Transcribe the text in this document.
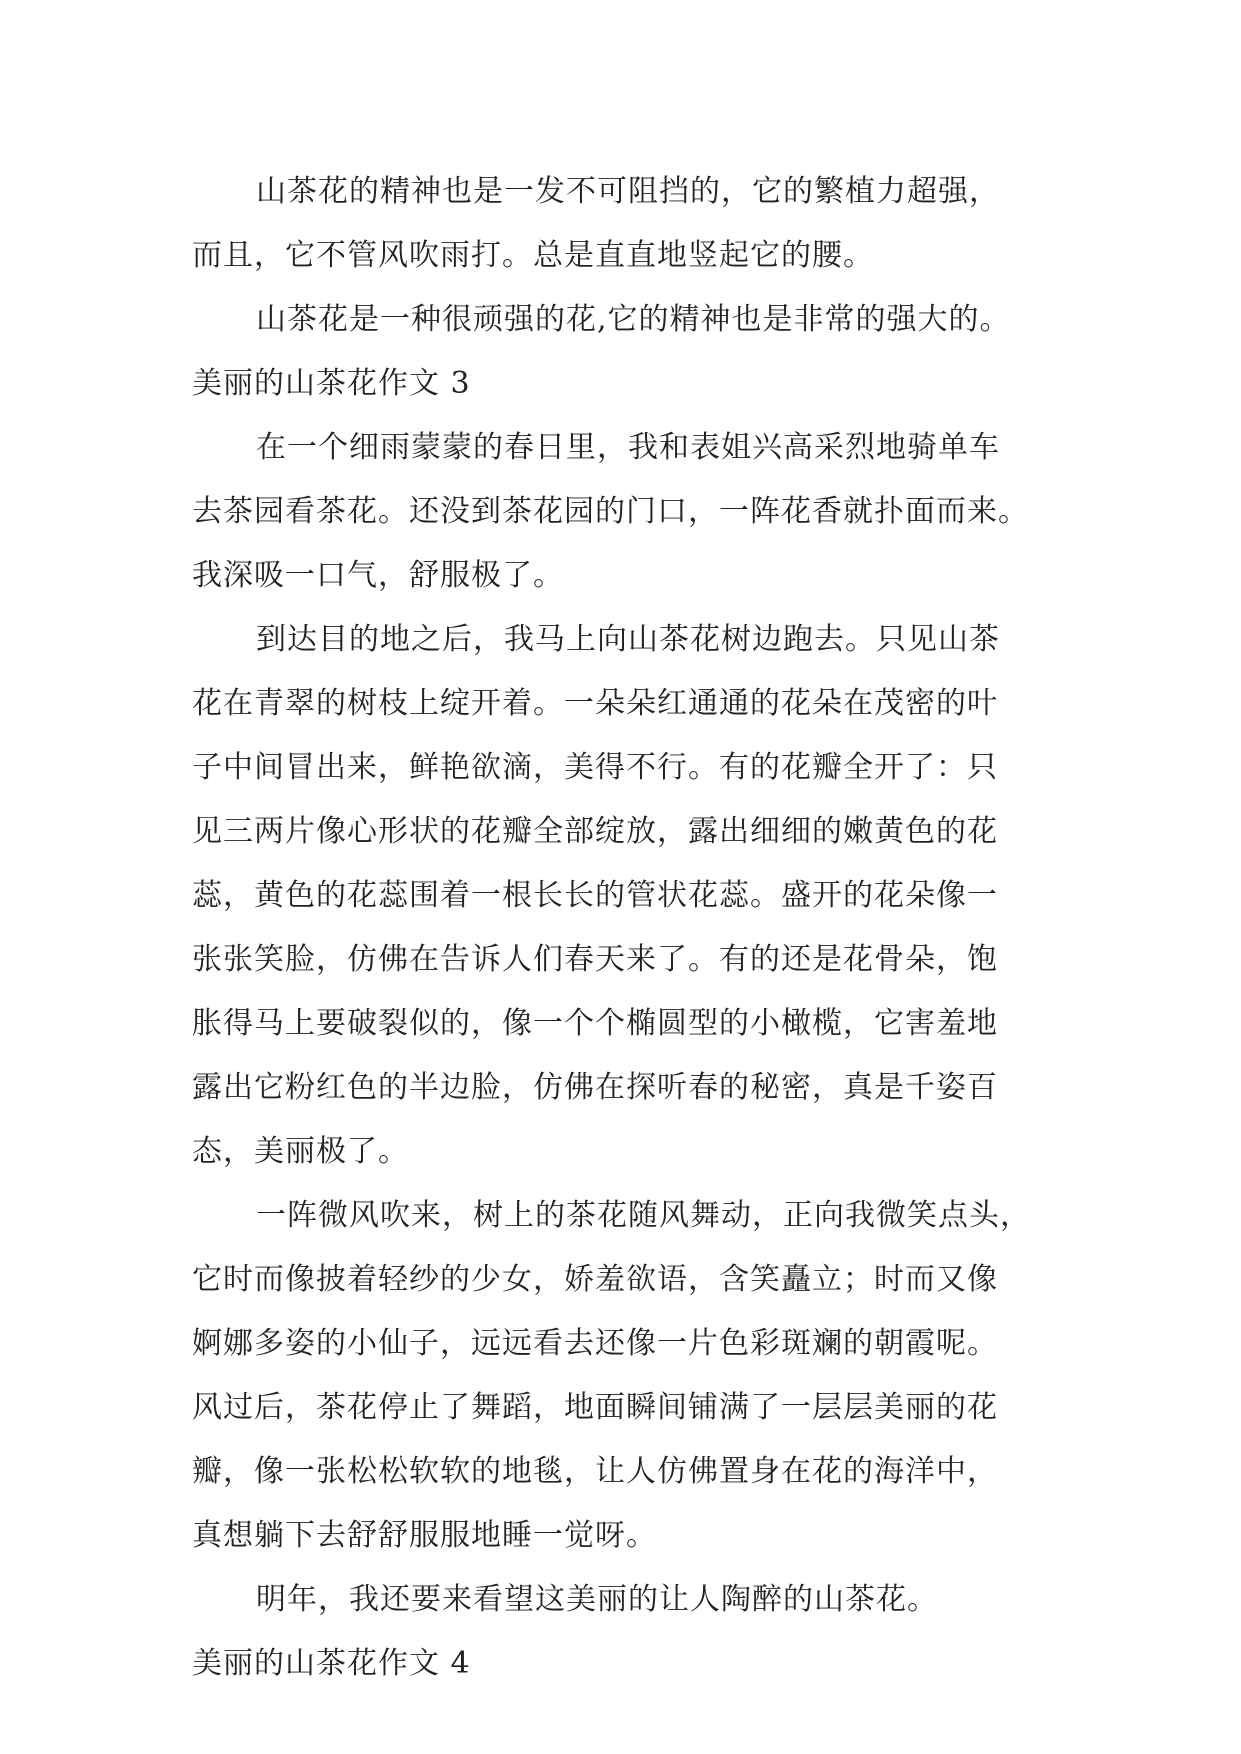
山茶花的精神也是一发不可阻挡的，它的繁植力超强，
而且，它不管风吹雨打。总是直直地竖起它的腰。
山茶花是一种很顽强的花,它的精神也是非常的强大的。
美丽的山茶花作文 3
在一个细雨蒙蒙的春日里，我和表姐兴高采烈地骑单车
去茶园看茶花。还没到茶花园的门口，一阵花香就扑面而来。
我深吸一口气，舒服极了。
到达目的地之后，我马上向山茶花树边跑去。只见山茶
花在青翠的树枝上绽开着。一朵朵红通通的花朵在茂密的叶
子中间冒出来，鲜艳欲滴，美得不行。有的花瓣全开了：只
见三两片像心形状的花瓣全部绽放，露出细细的嫩黄色的花
蕊，黄色的花蕊围着一根长长的管状花蕊。盛开的花朵像一
张张笑脸，仿佛在告诉人们春天来了。有的还是花骨朵，饱
胀得马上要破裂似的，像一个个椭圆型的小橄榄，它害羞地
露出它粉红色的半边脸，仿佛在探听春的秘密，真是千姿百
态，美丽极了。
一阵微风吹来，树上的茶花随风舞动，正向我微笑点头，
它时而像披着轻纱的少女，娇羞欲语，含笑矗立；时而又像
婀娜多姿的小仙子，远远看去还像一片色彩斑斓的朝霞呢。
风过后，茶花停止了舞蹈，地面瞬间铺满了一层层美丽的花
瓣，像一张松松软软的地毯，让人仿佛置身在花的海洋中，
真想躺下去舒舒服服地睡一觉呀。
明年，我还要来看望这美丽的让人陶醉的山茶花。
美丽的山茶花作文 4
